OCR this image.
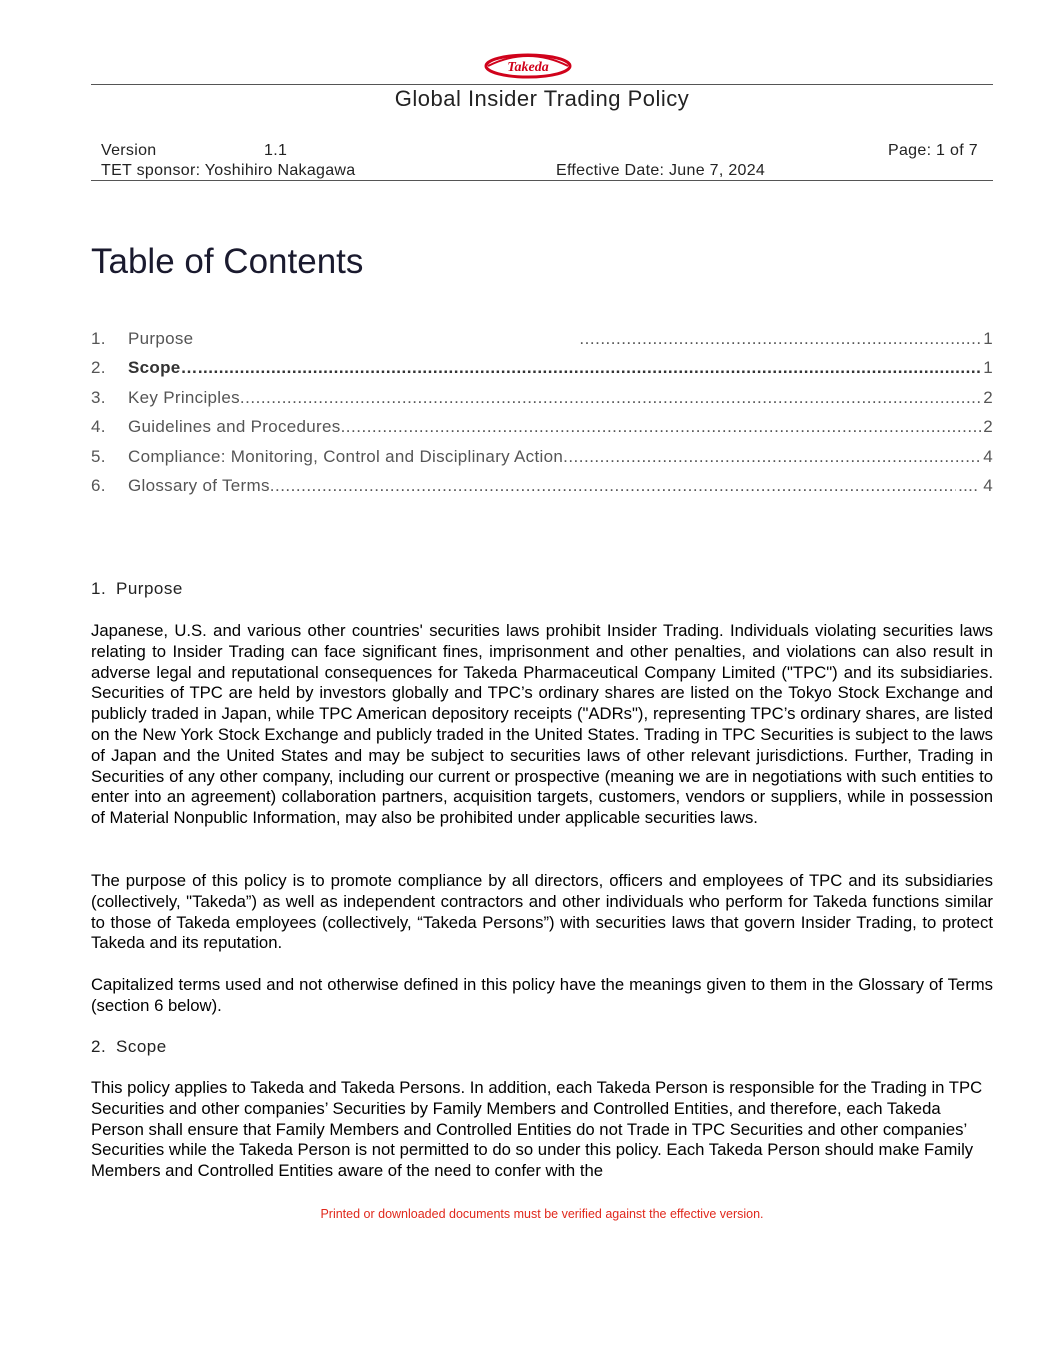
Takeda
Global Insider Trading Policy
Version	1.1	Page: 1 of 7
TET sponsor: Yoshihiro Nakagawa	Effective Date: June 7, 2024
Table of Contents
1.	Purpose .....	1
2.	Scope… .....	1
3.	Key Principles .....	2
4.	Guidelines and Procedures .....	2
5.	Compliance: Monitoring, Control and Disciplinary Action .....	4
6.	Glossary of Terms .....	.... 4
1. Purpose

Japanese, U.S. and various other countries' securities laws prohibit Insider Trading. Individuals violating securities laws relating to Insider Trading can face significant fines, imprisonment and other penalties, and violations can also result in adverse legal and reputational consequences for Takeda Pharmaceutical Company Limited ("TPC") and its subsidiaries. Securities of TPC are held by investors globally and TPC’s ordinary shares are listed on the Tokyo Stock Exchange and publicly traded in Japan, while TPC American depository receipts ("ADRs"), representing TPC’s ordinary shares, are listed on the New York Stock Exchange and publicly traded in the United States. Trading in TPC Securities is subject to the laws of Japan and the United States and may be subject to securities laws of other relevant jurisdictions. Further, Trading in Securities of any other company, including our current or prospective (meaning we are in negotiations with such entities to enter into an agreement) collaboration partners, acquisition targets, customers, vendors or suppliers, while in possession of Material Nonpublic Information, may also be prohibited under applicable securities laws.

The purpose of this policy is to promote compliance by all directors, officers and employees of TPC and its subsidiaries (collectively, "Takeda”) as well as independent contractors and other individuals who perform for Takeda functions similar to those of Takeda employees (collectively, “Takeda Persons”) with securities laws that govern Insider Trading, to protect Takeda and its reputation.

Capitalized terms used and not otherwise defined in this policy have the meanings given to them in the Glossary of Terms (section 6 below).

2. Scope

This policy applies to Takeda and Takeda Persons. In addition, each Takeda Person is responsible for the Trading in TPC Securities and other companies’ Securities by Family Members and Controlled Entities, and therefore, each Takeda Person shall ensure that Family Members and Controlled Entities do not Trade in TPC Securities and other companies’ Securities while the Takeda Person is not permitted to do so under this policy. Each Takeda Person should make Family Members and Controlled Entities aware of the need to confer with the

Printed or downloaded documents must be verified against the effective version.
